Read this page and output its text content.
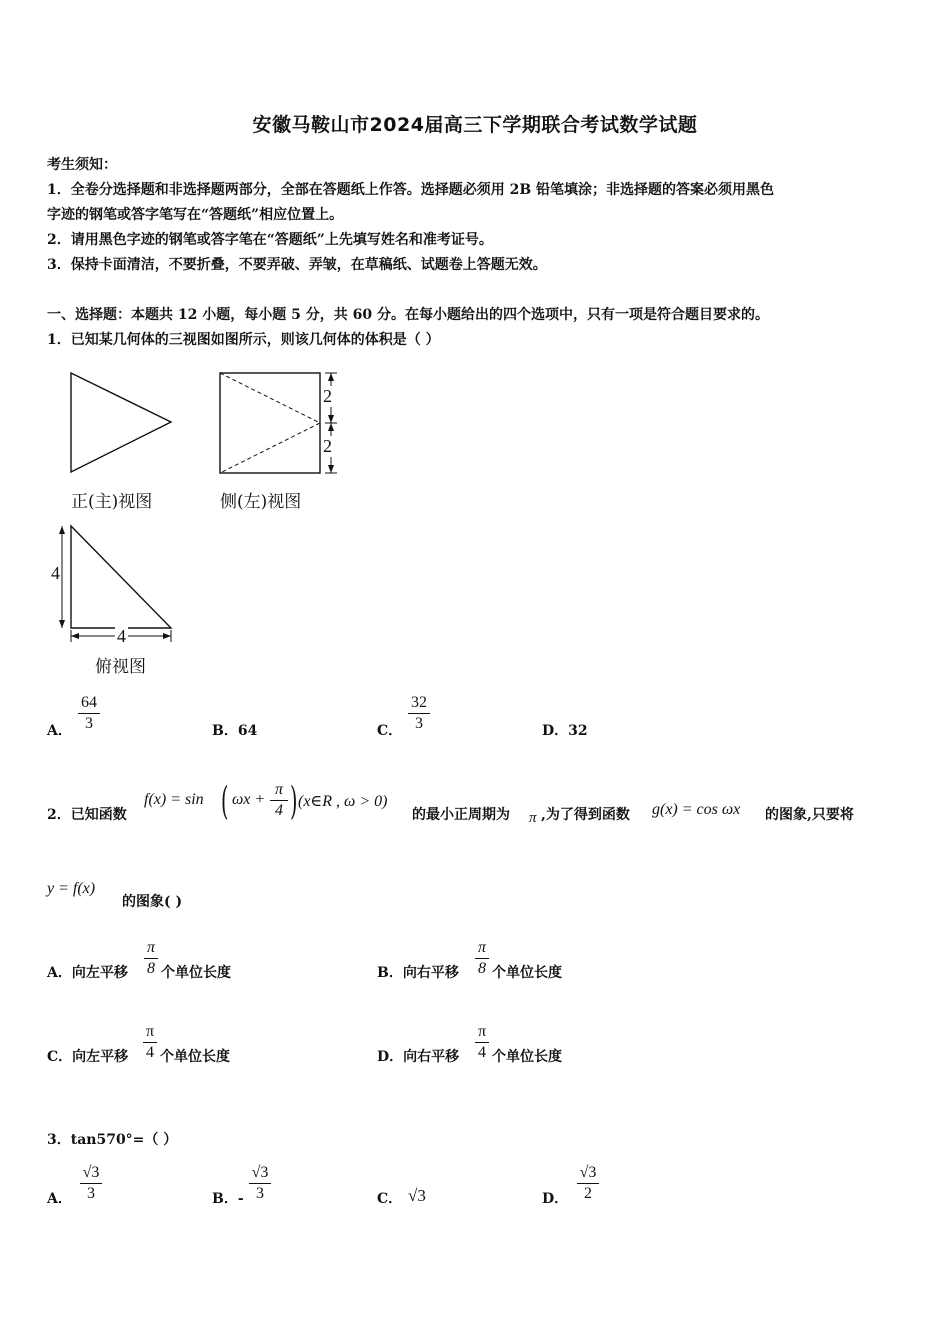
安徽马鞍山市2024届高三下学期联合考试数学试题
考生须知：
1．全卷分选择题和非选择题两部分，全部在答题纸上作答。选择题必须用 2B 铅笔填涂；非选择题的答案必须用黑色
字迹的钢笔或答字笔写在“答题纸”相应位置上。
2．请用黑色字迹的钢笔或答字笔在“答题纸”上先填写姓名和准考证号。
3．保持卡面清洁，不要折叠，不要弄破、弄皱，在草稿纸、试题卷上答题无效。
一、选择题：本题共 12 小题，每小题 5 分，共 60 分。在每小题给出的四个选项中，只有一项是符合题目要求的。
1．已知某几何体的三视图如图所示，则该几何体的体积是（ ）
2
2
4
4
正(主)视图	侧(左)视图
俯视图
A．
64
3	B．64	C．
32
3	D．32
2．已知函数
f(x) = sin ( ωx +
π
4 ) (x∈R , ω > 0)
的最小正周期为 π ,为了得到函数 g(x) = cos ωx 的图象,只要将
y = f(x)
的图象( )
A．向左平移
π
8 个单位长度	B．向右平移
π
8 个单位长度
C．向左平移
π
4 个单位长度	D．向右平移
π
4 个单位长度
3．tan570°=（ ）
A．
√3
3	B．-
√3
3	C． √3	D．
√3
2
